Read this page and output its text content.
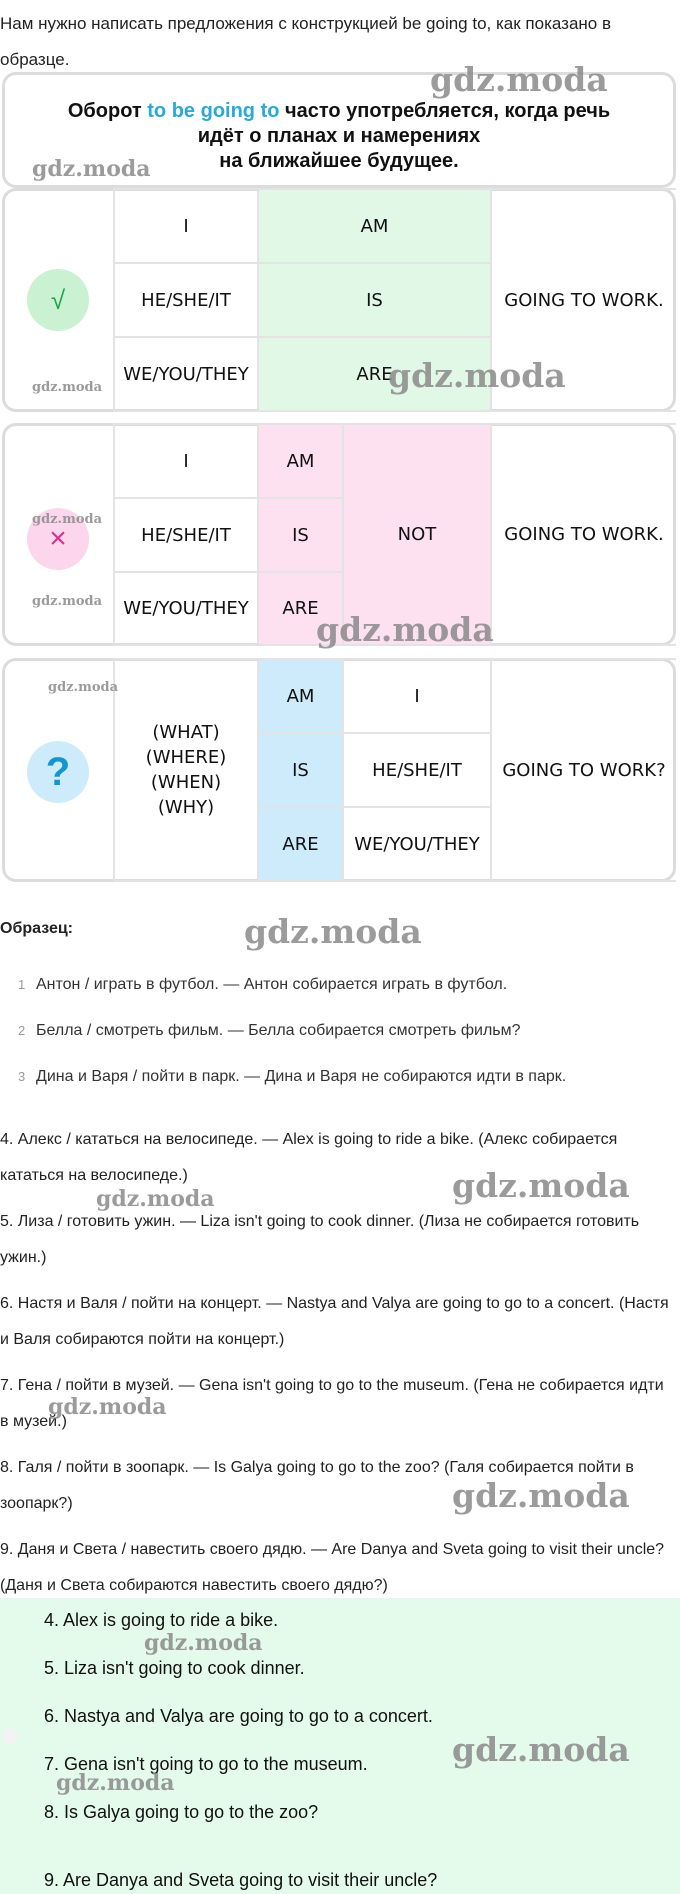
Нам нужно написать предложения с конструкцией be going to, как показано в образце.
Оборот to be going to часто употребляется, когда речь
идёт о планах и намерениях
на ближайшее будущее.
√
I
HE/SHE/IT
WE/YOU/THEY
AM
IS
ARE
GOING TO WORK.
×
I
HE/SHE/IT
WE/YOU/THEY
AM
IS
ARE
NOT	GOING TO WORK.
?
(WHAT)
(WHERE)
(WHEN)
(WHY)
AM
IS
ARE
I
HE/SHE/IT
WE/YOU/THEY
GOING TO WORK?
Образец:
1 Антон / играть в футбол. — Антон собирается играть в футбол.
2 Белла / смотреть фильм. — Белла собирается смотреть фильм?
3 Дина и Варя / пойти в парк. — Дина и Варя не собираются идти в парк.
4. Алекс / кататься на велосипеде. — Alex is going to ride a bike. (Алекс собирается кататься на велосипеде.)
5. Лиза / готовить ужин. — Liza isn't going to cook dinner. (Лиза не собирается готовить ужин.)
6. Настя и Валя / пойти на концерт. — Nastya and Valya are going to go to a concert. (Настя и Валя собираются пойти на концерт.)
7. Гена / пойти в музей. — Gena isn't going to go to the museum. (Гена не собирается идти в музей.)
8. Галя / пойти в зоопарк. — Is Galya going to go to the zoo? (Галя собирается пойти в зоопарк?)
9. Даня и Света / навестить своего дядю. — Are Danya and Sveta going to visit their uncle? (Даня и Света собираются навестить своего дядю?)
4. Alex is going to ride a bike.
5. Liza isn't going to cook dinner.
6. Nastya and Valya are going to go to a concert.
7. Gena isn't going to go to the museum.
8. Is Galya going to go to the zoo?
9. Are Danya and Sveta going to visit their uncle?
gdz.moda
gdz.moda
gdz.moda	gdz.moda
gdz.moda
gdz.moda
gdz.moda
gdz.moda
gdz.moda
gdz.moda
gdz.moda
gdz.moda
gdz.moda
gdz.moda
gdz.moda
gdz.moda
